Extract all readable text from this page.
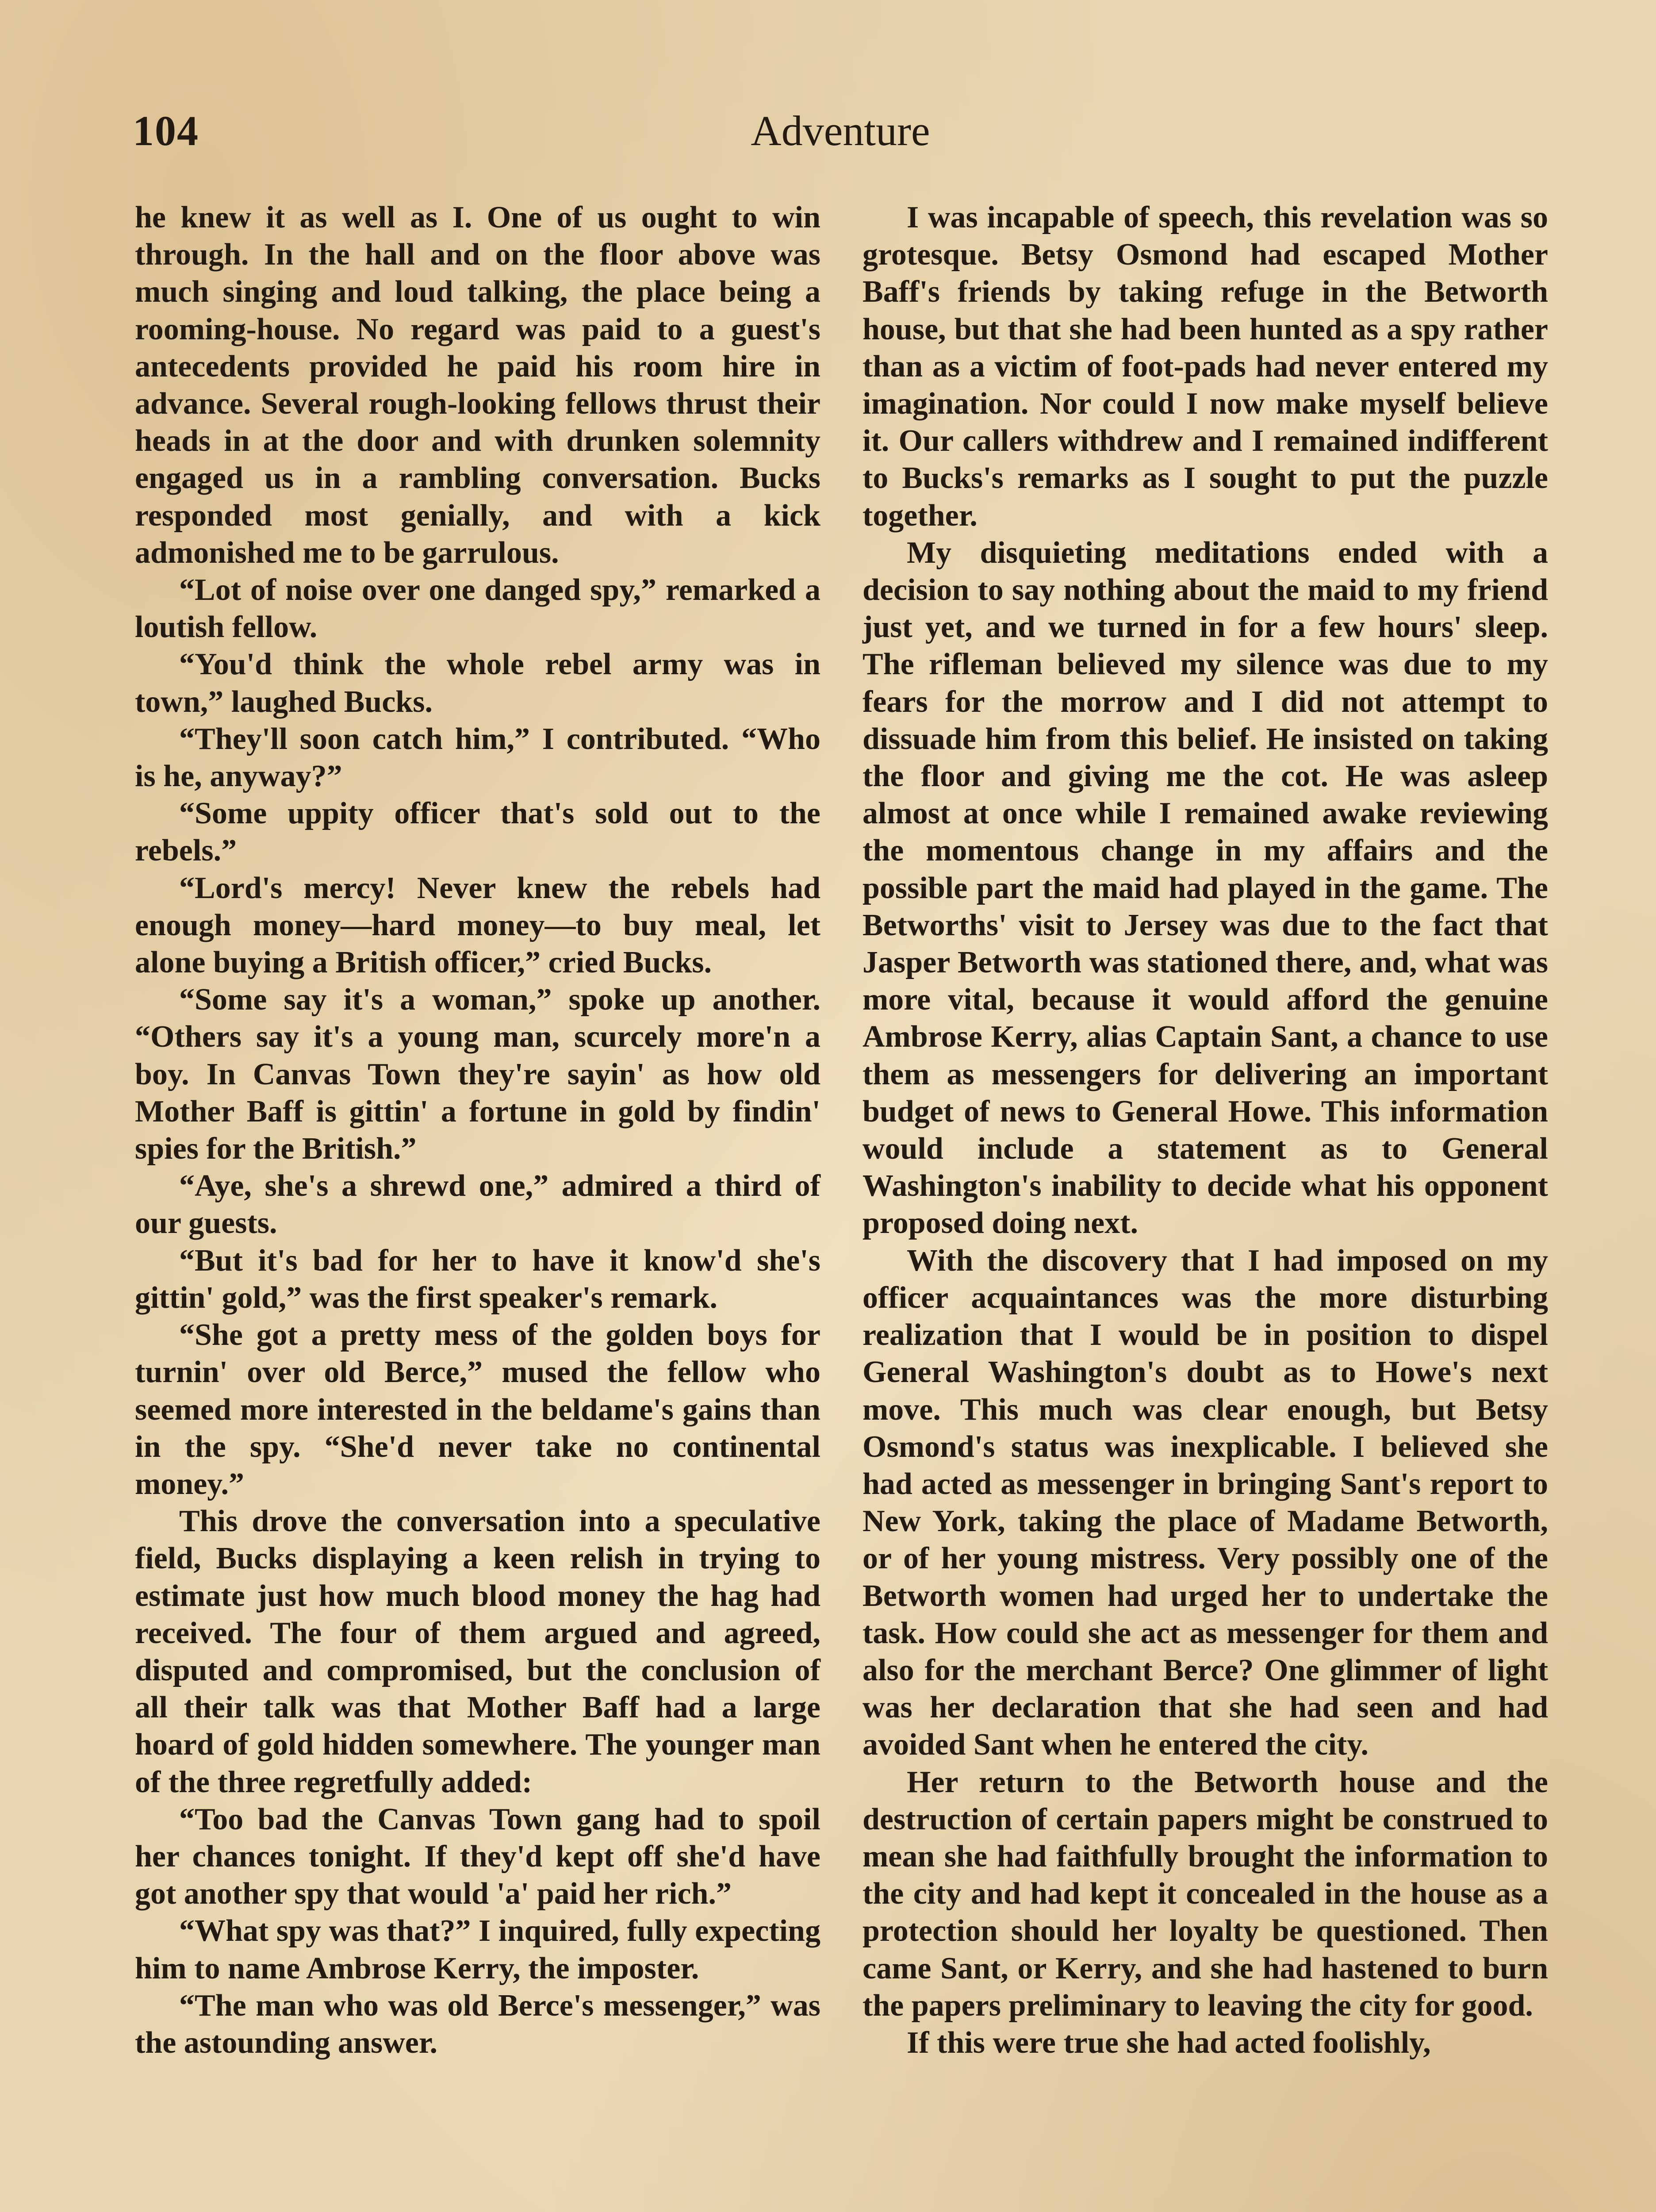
104	Adventure

he knew it as well as I. One of us ought to win through. In the hall and on the floor above was much singing and loud talking, the place being a rooming-house. No regard was paid to a guest's antecedents provided he paid his room hire in advance. Several rough-looking fellows thrust their heads in at the door and with drunken solemnity engaged us in a rambling conversation. Bucks responded most genially, and with a kick admonished me to be garrulous.

“Lot of noise over one danged spy,” remarked a loutish fellow.

“You'd think the whole rebel army was in town,” laughed Bucks.

“They'll soon catch him,” I contributed. “Who is he, anyway?”

“Some uppity officer that's sold out to the rebels.”

“Lord's mercy! Never knew the rebels had enough money—hard money—to buy meal, let alone buying a British officer,” cried Bucks.

“Some say it's a woman,” spoke up another. “Others say it's a young man, scurcely more'n a boy. In Canvas Town they're sayin' as how old Mother Baff is gittin' a fortune in gold by findin' spies for the British.”

“Aye, she's a shrewd one,” admired a third of our guests.

“But it's bad for her to have it know'd she's gittin' gold,” was the first speaker's remark.

“She got a pretty mess of the golden boys for turnin' over old Berce,” mused the fellow who seemed more interested in the beldame's gains than in the spy. “She'd never take no continental money.”

This drove the conversation into a speculative field, Bucks displaying a keen relish in trying to estimate just how much blood money the hag had received. The four of them argued and agreed, disputed and compromised, but the conclusion of all their talk was that Mother Baff had a large hoard of gold hidden somewhere. The younger man of the three regretfully added:

“Too bad the Canvas Town gang had to spoil her chances tonight. If they'd kept off she'd have got another spy that would 'a' paid her rich.”

“What spy was that?” I inquired, fully expecting him to name Ambrose Kerry, the imposter.

“The man who was old Berce's messenger,” was the astounding answer.

I was incapable of speech, this revelation was so grotesque. Betsy Osmond had escaped Mother Baff's friends by taking refuge in the Betworth house, but that she had been hunted as a spy rather than as a victim of foot-pads had never entered my imagination. Nor could I now make myself believe it. Our callers withdrew and I remained indifferent to Bucks's remarks as I sought to put the puzzle together.

My disquieting meditations ended with a decision to say nothing about the maid to my friend just yet, and we turned in for a few hours' sleep. The rifleman believed my silence was due to my fears for the morrow and I did not attempt to dissuade him from this belief. He insisted on taking the floor and giving me the cot. He was asleep almost at once while I remained awake reviewing the momentous change in my affairs and the possible part the maid had played in the game. The Betworths' visit to Jersey was due to the fact that Jasper Betworth was stationed there, and, what was more vital, because it would afford the genuine Ambrose Kerry, alias Captain Sant, a chance to use them as messengers for delivering an important budget of news to General Howe. This information would include a statement as to General Washington's inability to decide what his opponent proposed doing next.

With the discovery that I had imposed on my officer acquaintances was the more disturbing realization that I would be in position to dispel General Washington's doubt as to Howe's next move. This much was clear enough, but Betsy Osmond's status was inexplicable. I believed she had acted as messenger in bringing Sant's report to New York, taking the place of Madame Betworth, or of her young mistress. Very possibly one of the Betworth women had urged her to undertake the task. How could she act as messenger for them and also for the merchant Berce? One glimmer of light was her declaration that she had seen and had avoided Sant when he entered the city.

Her return to the Betworth house and the destruction of certain papers might be construed to mean she had faithfully brought the information to the city and had kept it concealed in the house as a protection should her loyalty be questioned. Then came Sant, or Kerry, and she had hastened to burn the papers preliminary to leaving the city for good.

If this were true she had acted foolishly,
